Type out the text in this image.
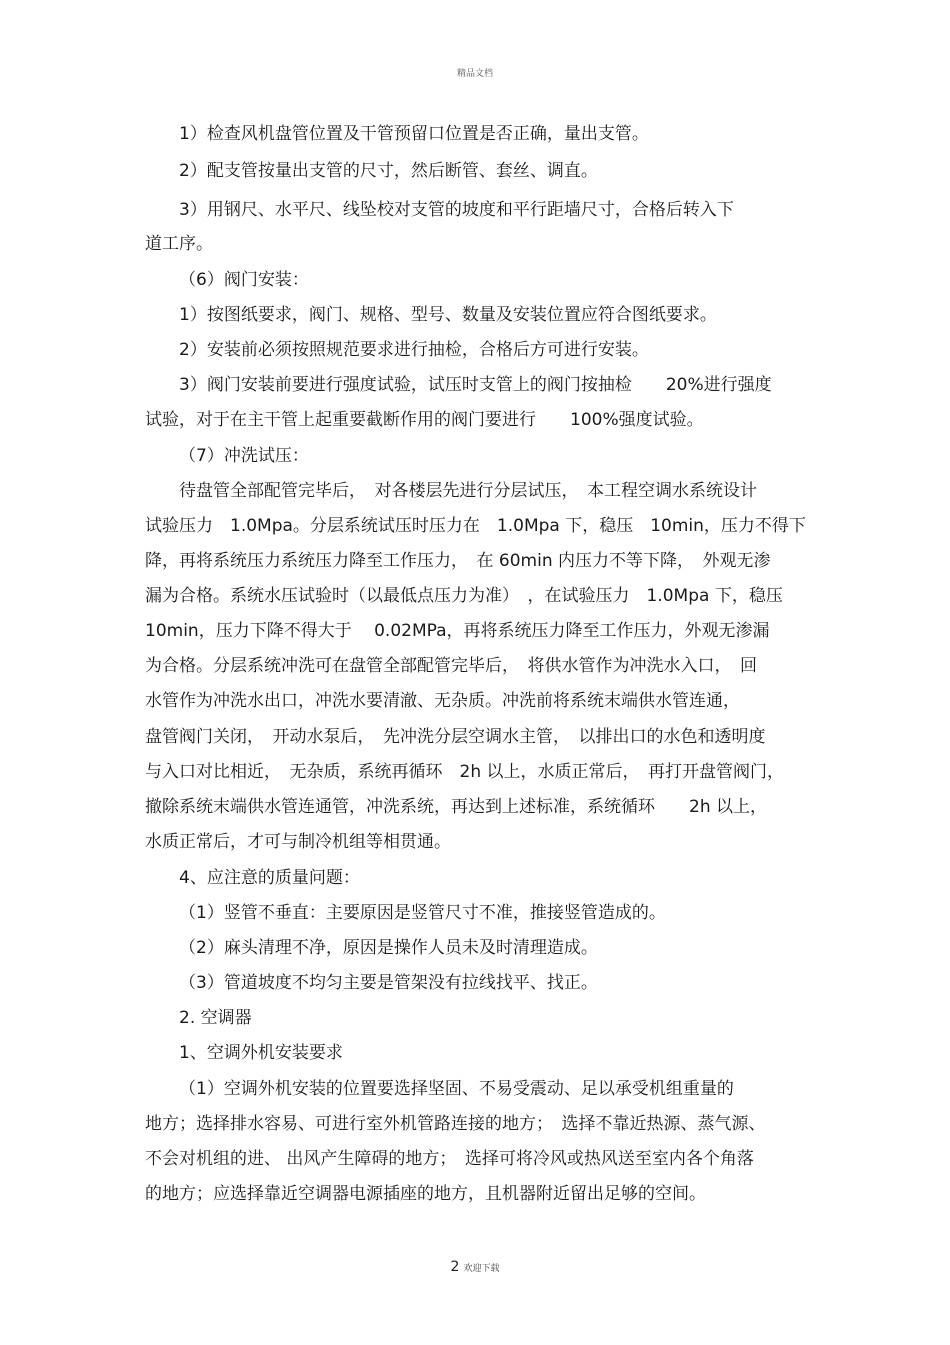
精品文档
1）检查风机盘管位置及干管预留口位置是否正确，量出支管。
2）配支管按量出支管的尺寸，然后断管、套丝、调直。
3）用钢尺、水平尺、线坠校对支管的坡度和平行距墙尺寸，合格后转入下
道工序。
（6）阀门安装：
1）按图纸要求，阀门、规格、型号、数量及安装位置应符合图纸要求。
2）安装前必须按照规范要求进行抽检，合格后方可进行安装。
3）阀门安装前要进行强度试验，试压时支管上的阀门按抽检　　20%进行强度
试验，对于在主干管上起重要截断作用的阀门要进行　　100%强度试验。
（7）冲洗试压：
待盘管全部配管完毕后，　对各楼层先进行分层试压，　本工程空调水系统设计
试验压力　1.0Mpa。分层系统试压时压力在　1.0Mpa 下，稳压　10min，压力不得下
降，再将系统压力系统压力降至工作压力，　在 60min 内压力不等下降，　外观无渗
漏为合格。系统水压试验时（以最低点压力为准）　，在试验压力　1.0Mpa 下，稳压
10min，压力下降不得大于　 0.02MPa，再将系统压力降至工作压力，外观无渗漏
为合格。分层系统冲洗可在盘管全部配管完毕后，　将供水管作为冲洗水入口，　回
水管作为冲洗水出口，冲洗水要清澈、无杂质。冲洗前将系统末端供水管连通，
盘管阀门关闭，　开动水泵后，　先冲洗分层空调水主管，　以排出口的水色和透明度
与入口对比相近，　无杂质，系统再循环　2h 以上，水质正常后，　再打开盘管阀门，
撤除系统末端供水管连通管，冲洗系统，再达到上述标准，系统循环　　2h 以上，
水质正常后，才可与制冷机组等相贯通。
4、应注意的质量问题：
（1）竖管不垂直：主要原因是竖管尺寸不准，推接竖管造成的。
（2）麻头清理不净，原因是操作人员未及时清理造成。
（3）管道坡度不均匀主要是管架没有拉线找平、找正。
2. 空调器
1、空调外机安装要求
（1）空调外机安装的位置要选择坚固、不易受震动、足以承受机组重量的
地方；选择排水容易、可进行室外机管路连接的地方；　选择不靠近热源、蒸气源、
不会对机组的进、 出风产生障碍的地方；　选择可将冷风或热风送至室内各个角落
的地方；应选择靠近空调器电源插座的地方，且机器附近留出足够的空间。
2 欢迎下载
